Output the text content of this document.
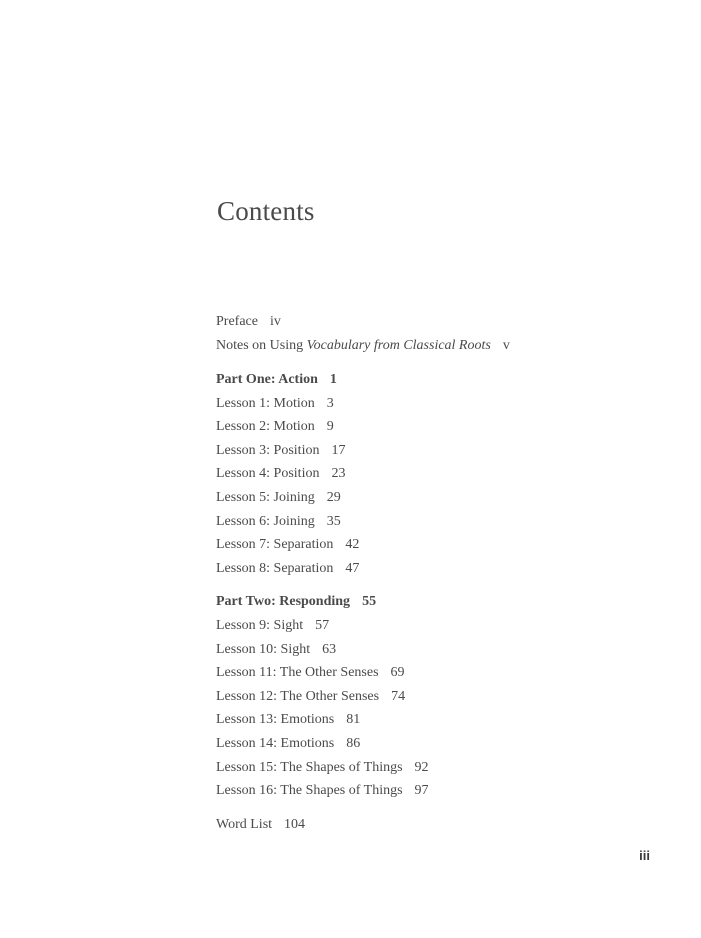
Contents
Preface iv
Notes on Using Vocabulary from Classical Roots v
Part One: Action 1
Lesson 1: Motion 3
Lesson 2: Motion 9
Lesson 3: Position 17
Lesson 4: Position 23
Lesson 5: Joining 29
Lesson 6: Joining 35
Lesson 7: Separation 42
Lesson 8: Separation 47
Part Two: Responding 55
Lesson 9: Sight 57
Lesson 10: Sight 63
Lesson 11: The Other Senses 69
Lesson 12: The Other Senses 74
Lesson 13: Emotions 81
Lesson 14: Emotions 86
Lesson 15: The Shapes of Things 92
Lesson 16: The Shapes of Things 97
Word List 104
iii
